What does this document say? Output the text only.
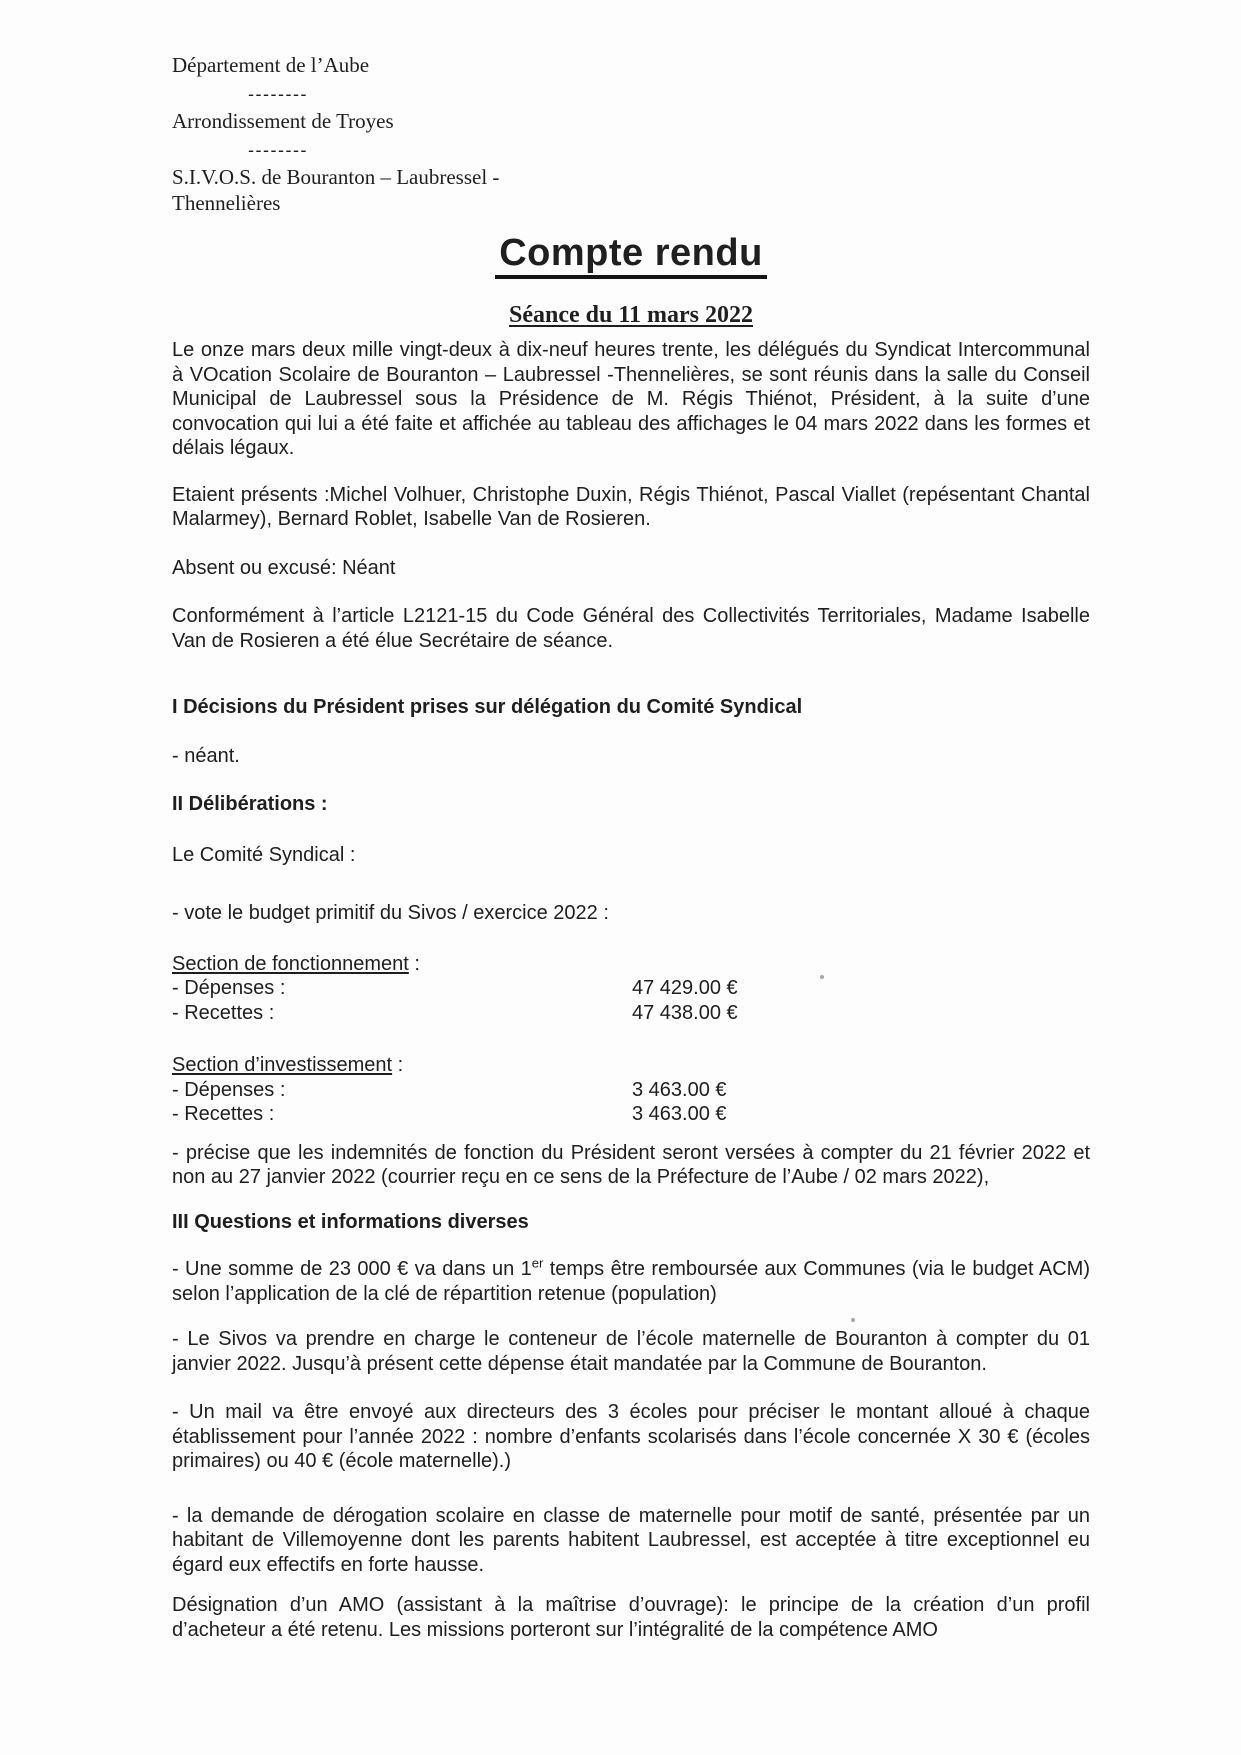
Département de l’Aube
--------
Arrondissement de Troyes
--------
S.I.V.O.S. de Bouranton – Laubressel -
Thennelières
Compte rendu
Séance du 11 mars 2022

Le onze mars deux mille vingt-deux à dix-neuf heures trente, les délégués du Syndicat Intercommunal à VOcation Scolaire de Bouranton – Laubressel -Thennelières, se sont réunis dans la salle du Conseil Municipal de Laubressel sous la Présidence de M. Régis Thiénot, Président, à la suite d’une convocation qui lui a été faite et affichée au tableau des affichages le 04 mars 2022 dans les formes et délais légaux.

Etaient présents :Michel Volhuer, Christophe Duxin, Régis Thiénot, Pascal Viallet (repésentant Chantal Malarmey), Bernard Roblet, Isabelle Van de Rosieren.

Absent ou excusé: Néant

Conformément à l’article L2121-15 du Code Général des Collectivités Territoriales, Madame Isabelle Van de Rosieren a été élue Secrétaire de séance.

I Décisions du Président prises sur délégation du Comité Syndical

- néant.

II Délibérations :

Le Comité Syndical :

- vote le budget primitif du Sivos / exercice 2022 :

Section de fonctionnement :

- Dépenses :	47 429.00 €
- Recettes :	47 438.00 €

Section d’investissement :

- Dépenses :	3 463.00 €
- Recettes :	3 463.00 €

- précise que les indemnités de fonction du Président seront versées à compter du 21 février 2022 et non au 27 janvier 2022 (courrier reçu en ce sens de la Préfecture de l’Aube / 02 mars 2022),

III Questions et informations diverses

- Une somme de 23 000 € va dans un 1er temps être remboursée aux Communes (via le budget ACM) selon l’application de la clé de répartition retenue (population)

- Le Sivos va prendre en charge le conteneur de l’école maternelle de Bouranton à compter du 01 janvier 2022. Jusqu’à présent cette dépense était mandatée par la Commune de Bouranton.

- Un mail va être envoyé aux directeurs des 3 écoles pour préciser le montant alloué à chaque établissement pour l’année 2022 : nombre d’enfants scolarisés dans l’école concernée X 30 € (écoles primaires) ou 40 € (école maternelle).)

- la demande de dérogation scolaire en classe de maternelle pour motif de santé, présentée par un habitant de Villemoyenne dont les parents habitent Laubressel, est acceptée à titre exceptionnel eu égard eux effectifs en forte hausse.

Désignation d’un AMO (assistant à la maîtrise d’ouvrage): le principe de la création d’un profil d’acheteur a été retenu. Les missions porteront sur l’intégralité de la compétence AMO
